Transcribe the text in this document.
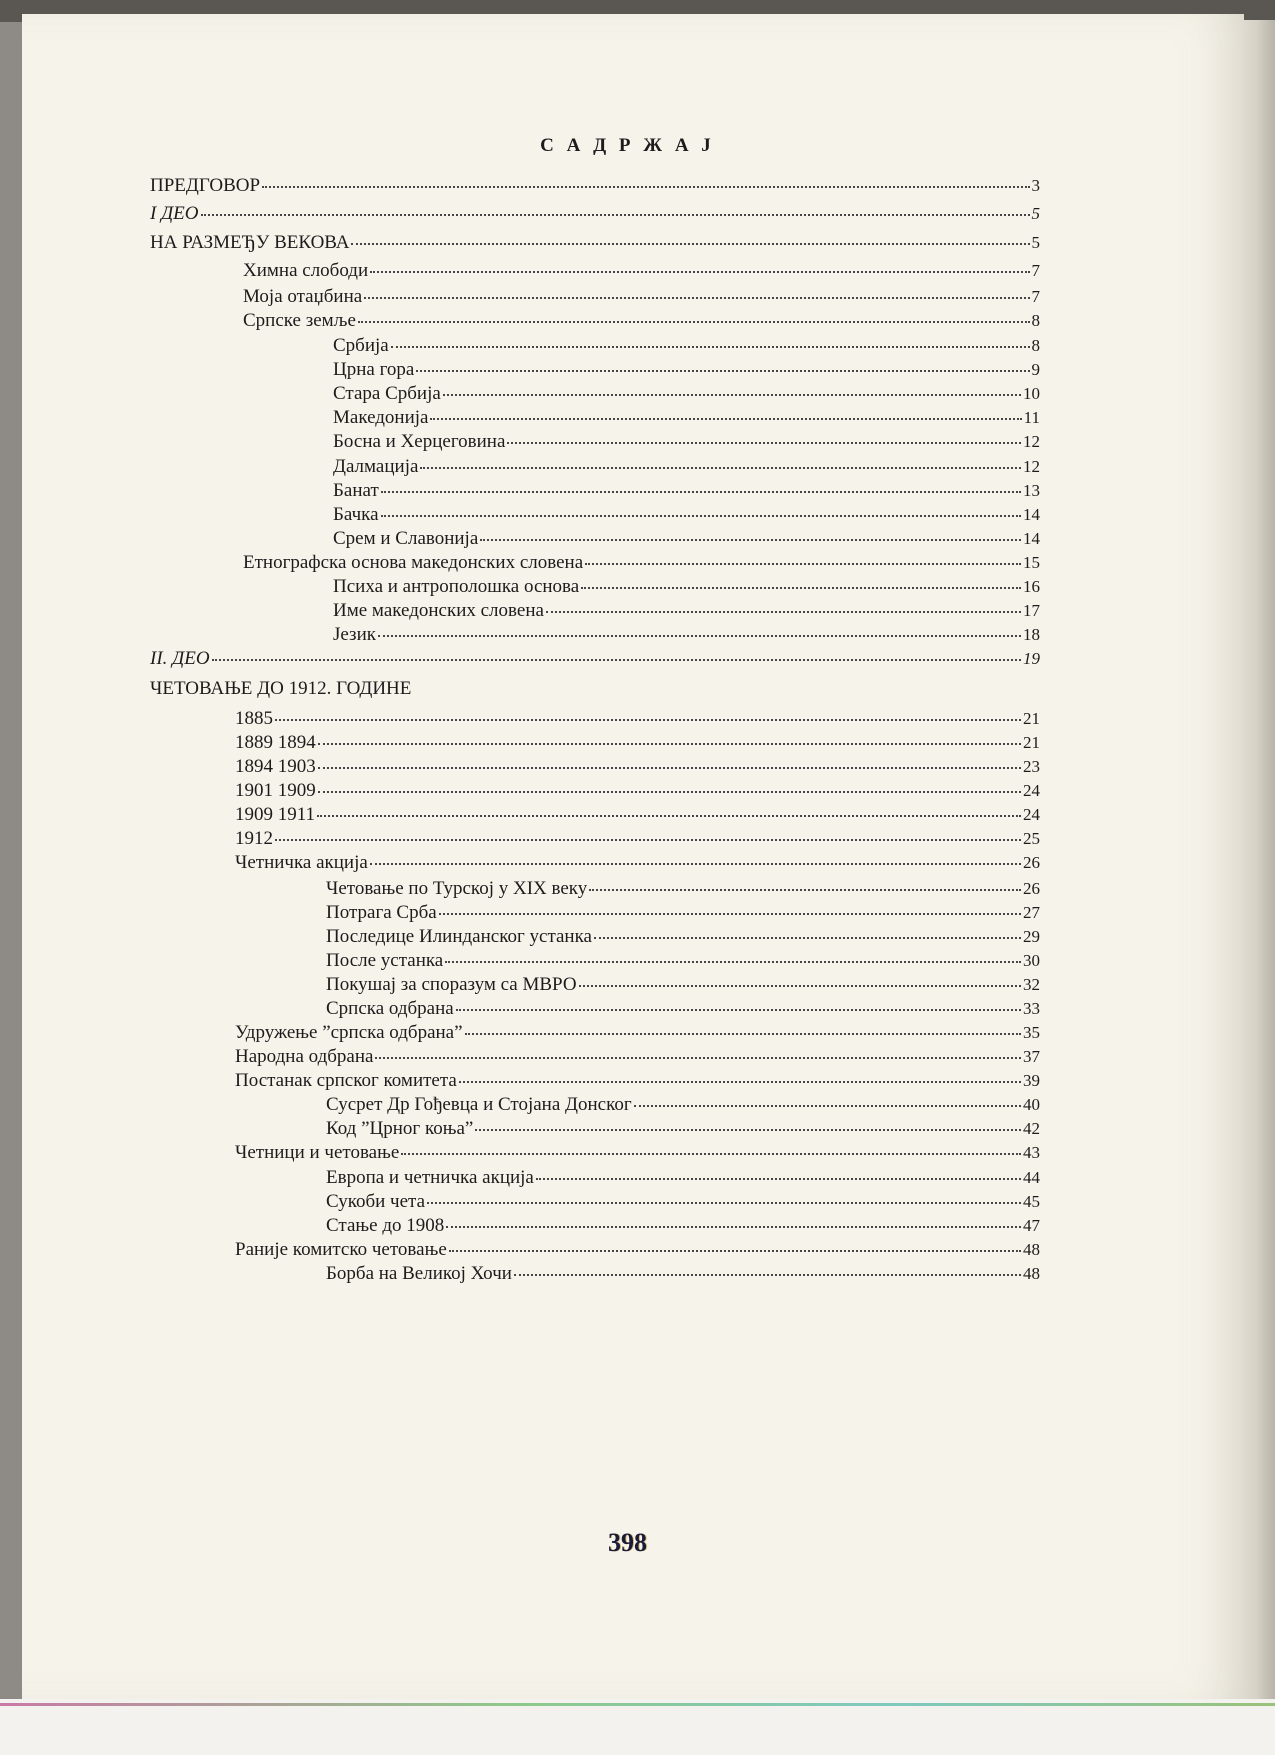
С А Д Р Ж А Ј
ПРЕДГОВОР	3
I ДЕО	5
НА РАЗМЕЂУ ВЕКОВА	5
Химна слободи	7
Моја отаџбина	7
Српске земље	8
Србија	8
Црна гора	9
Стара Србија	10
Македонија	11
Босна и Херцеговина	12
Далмација	12
Банат	13
Бачка	14
Срем и Славонија	14
Етнографска основа македонских словена	15
Психа и антрополошка основа	16
Име македонских словена	17
Језик	18
II. ДЕО	19
ЧЕТОВАЊЕ ДО 1912. ГОДИНЕ
1885	21
1889 1894	21
1894 1903	23
1901 1909	24
1909 1911	24
1912	25
Четничка акција	26
Четовање по Турској у XIX веку	26
Потрага Срба	27
Последице Илинданског устанка	29
После устанка	30
Покушај за споразум са МВРО	32
Српска одбрана	33
Удружење ”српска одбрана”	35
Народна одбрана	37
Постанак српског комитета	39
Сусрет Др Гођевца и Стојана Донског	40
Код ”Црног коња”	42
Четници и четовање	43
Европа и четничка акција	44
Сукоби чета	45
Стање до 1908	47
Раније комитско четовање	48
Борба на Великој Хочи	48
398
